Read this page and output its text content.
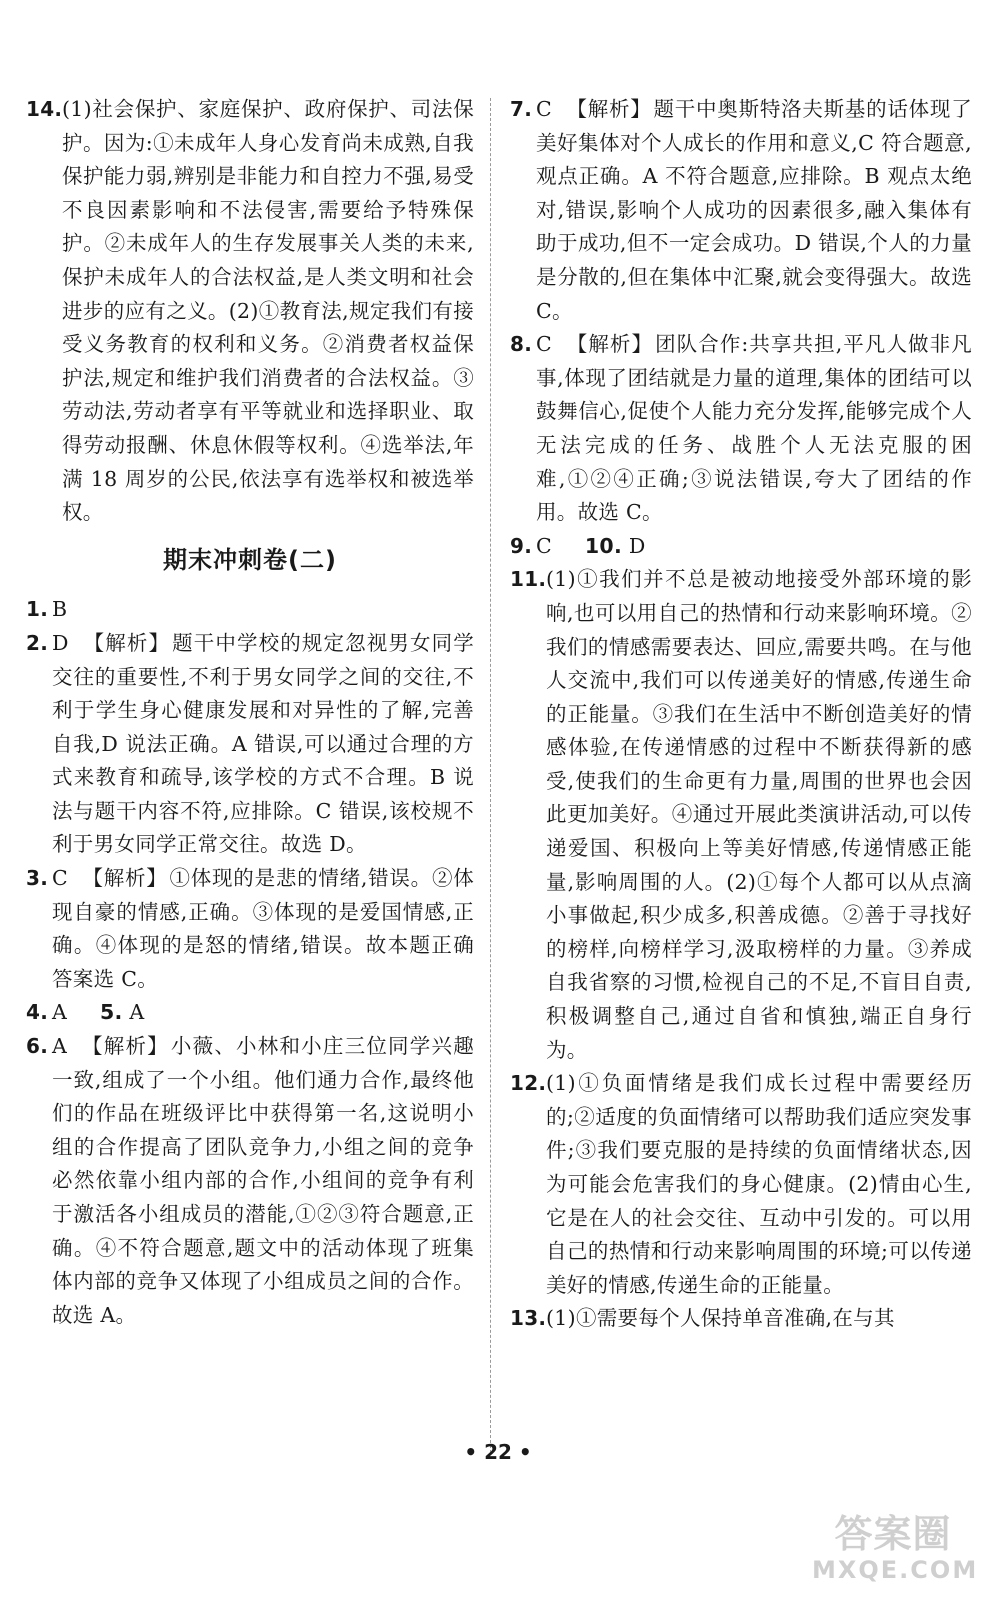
14. (1)社会保护、家庭保护、政府保护、司法保护。因为:①未成年人身心发育尚未成熟,自我保护能力弱,辨别是非能力和自控力不强,易受不良因素影响和不法侵害,需要给予特殊保护。②未成年人的生存发展事关人类的未来,保护未成年人的合法权益,是人类文明和社会进步的应有之义。(2)①教育法,规定我们有接受义务教育的权利和义务。②消费者权益保护法,规定和维护我们消费者的合法权益。③劳动法,劳动者享有平等就业和选择职业、取得劳动报酬、休息休假等权利。④选举法,年满 18 周岁的公民,依法享有选举权和被选举权。

期末冲刺卷(二)

1. B

2. D 【解析】题干中学校的规定忽视男女同学交往的重要性,不利于男女同学之间的交往,不利于学生身心健康发展和对异性的了解,完善自我,D 说法正确。A 错误,可以通过合理的方式来教育和疏导,该学校的方式不合理。B 说法与题干内容不符,应排除。C 错误,该校规不利于男女同学正常交往。故选 D。

3. C 【解析】①体现的是悲的情绪,错误。②体现自豪的情感,正确。③体现的是爱国情感,正确。④体现的是怒的情绪,错误。故本题正确答案选 C。

4. A 5. A

6. A 【解析】小薇、小林和小庄三位同学兴趣一致,组成了一个小组。他们通力合作,最终他们的作品在班级评比中获得第一名,这说明小组的合作提高了团队竞争力,小组之间的竞争必然依靠小组内部的合作,小组间的竞争有利于激活各小组成员的潜能,①②③符合题意,正确。④不符合题意,题文中的活动体现了班集体内部的竞争又体现了小组成员之间的合作。故选 A。

7. C 【解析】题干中奥斯特洛夫斯基的话体现了美好集体对个人成长的作用和意义,C 符合题意,观点正确。A 不符合题意,应排除。B 观点太绝对,错误,影响个人成功的因素很多,融入集体有助于成功,但不一定会成功。D 错误,个人的力量是分散的,但在集体中汇聚,就会变得强大。故选 C。

8. C 【解析】团队合作:共享共担,平凡人做非凡事,体现了团结就是力量的道理,集体的团结可以鼓舞信心,促使个人能力充分发挥,能够完成个人无法完成的任务、战胜个人无法克服的困难,①②④正确;③说法错误,夸大了团结的作用。故选 C。

9. C 10. D

11. (1)①我们并不总是被动地接受外部环境的影响,也可以用自己的热情和行动来影响环境。②我们的情感需要表达、回应,需要共鸣。在与他人交流中,我们可以传递美好的情感,传递生命的正能量。③我们在生活中不断创造美好的情感体验,在传递情感的过程中不断获得新的感受,使我们的生命更有力量,周围的世界也会因此更加美好。④通过开展此类演讲活动,可以传递爱国、积极向上等美好情感,传递情感正能量,影响周围的人。(2)①每个人都可以从点滴小事做起,积少成多,积善成德。②善于寻找好的榜样,向榜样学习,汲取榜样的力量。③养成自我省察的习惯,检视自己的不足,不盲目自责,积极调整自己,通过自省和慎独,端正自身行为。

12. (1)①负面情绪是我们成长过程中需要经历的;②适度的负面情绪可以帮助我们适应突发事件;③我们要克服的是持续的负面情绪状态,因为可能会危害我们的身心健康。(2)情由心生,它是在人的社会交往、互动中引发的。可以用自己的热情和行动来影响周围的环境;可以传递美好的情感,传递生命的正能量。

13. (1)①需要每个人保持单音准确,在与其

• 22 •
答案圈
MXQE.COM
